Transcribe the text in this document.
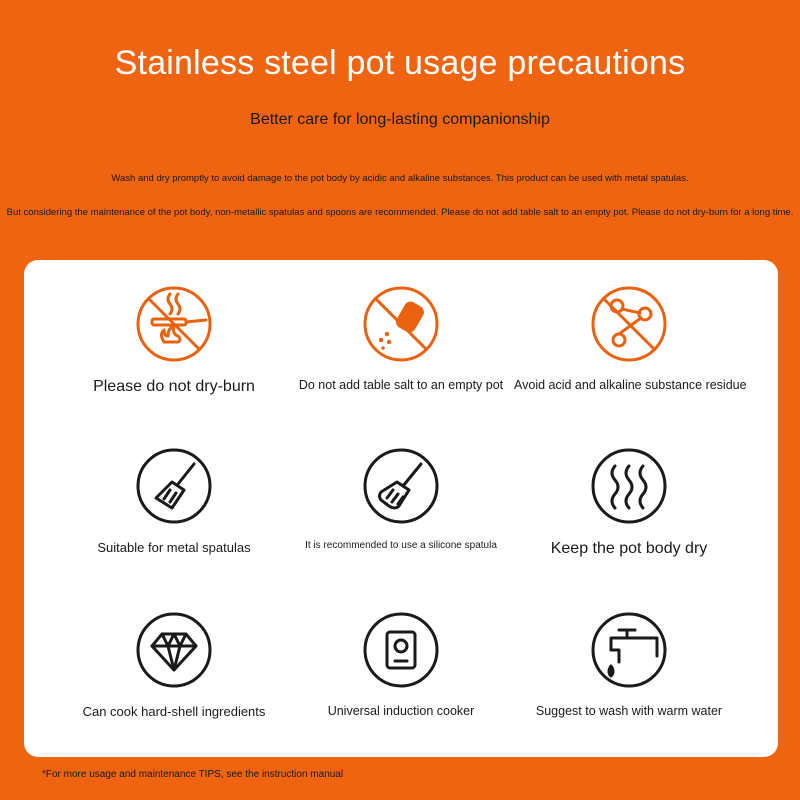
Stainless steel pot usage precautions
Better care for long-lasting companionship
Wash and dry promptly to avoid damage to the pot body by acidic and alkaline substances. This product can be used with metal spatulas.
But considering the maintenance of the pot body, non-metallic spatulas and spoons are recommended. Please do not add table salt to an empty pot. Please do not dry-burn for a long time.
Please do not dry-burn	Do not add table salt to an empty pot Avoid acid and alkaline substance residue
Suitable for metal spatulas	It is recommended to use a silicone spatula	Keep the pot body dry
Can cook hard-shell ingredients	Universal induction cooker	Suggest to wash with warm water
*For more usage and maintenance TIPS, see the instruction manual
